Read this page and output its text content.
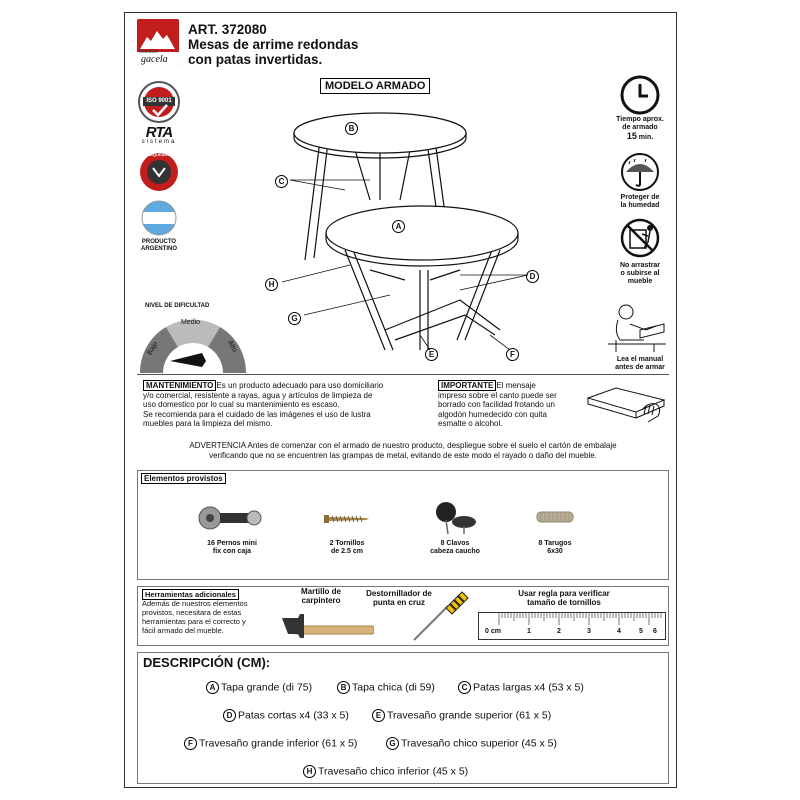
Muebles
gacela
ART. 372080
Mesas de arrime redondas
con patas invertidas.
MODELO ARMADO
ISO 9001
RTA
sistema
LAQUEADO
PRODUCTO ARGENTINO
NIVEL DE DIFICULTAD
Bajo
Medio
Alto
B
C
A
D
H
G
E	F
Tiempo aprox.
de armado
15 min.
Proteger de
la humedad
No arrastrar
o subirse al
mueble
Lea el manual
antes de armar
MANTENIMIENTO Es un producto adecuado para uso domiciliario
y/o comercial, resistente a rayas, agua y artículos de limpieza de
uso domestico por lo cual su mantenimiento es escaso.
Se recomienda para el cuidado de las imágenes el uso de lustra
muebles para la limpieza del mismo.
IMPORTANTE El mensaje
impreso sobre el canto puede ser
borrado con facilidad frotando un
algodón humedecido con quita
esmalte o alcohol.
ADVERTENCIA Antes de comenzar con el armado de nuestro producto, despliegue sobre el suelo el cartón de embalaje
verificando que no se encuentren las grampas de metal, evitando de este modo el rayado o daño del mueble.
Elementos provistos
16 Pernos mini
fix con caja
2 Tornillos
de 2.5 cm
8 Clavos
cabeza caucho
8 Tarugos
6x30
Herramientas adicionales
Además de nuestros elementos
provistos, necesitara de estas
herramientas para el correcto y
fácil armado del mueble.
Martillo de
carpintero
Destornillador de
punta en cruz
Usar regla para verificar
tamaño de tornillos
0 cm	1	2	3	4	5 6
DESCRIPCIÓN (CM):
A Tapa grande (di 75)	B Tapa chica (di 59)	C Patas largas x4 (53 x 5)
D Patas cortas x4 (33 x 5)	E Travesaño grande superior (61 x 5)
F Travesaño grande inferior (61 x 5)	G Travesaño chico superior (45 x 5)
H Travesaño chico inferior (45 x 5)
